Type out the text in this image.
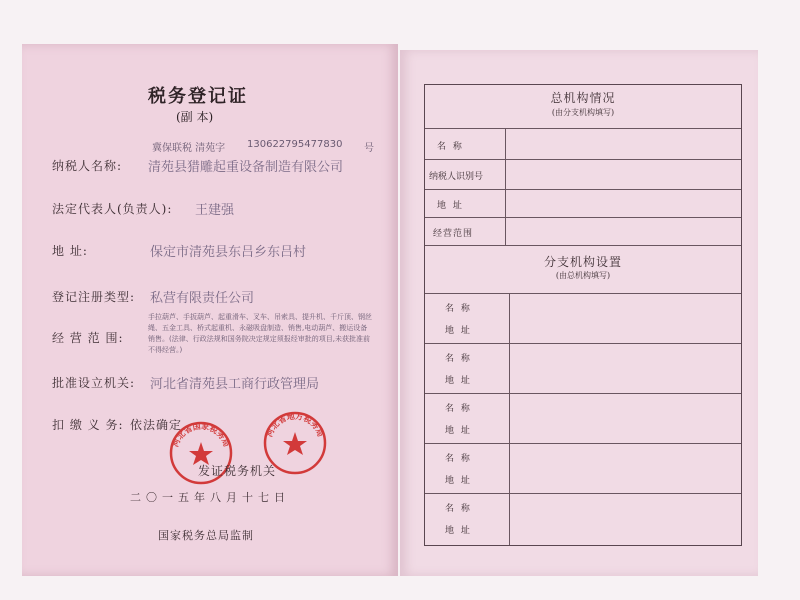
税务登记证
(副 本)
冀保联税 清苑字 130622795477830 号
纳税人名称: 清苑县猎雕起重设备制造有限公司
法定代表人(负责人): 王建强
地 址:	保定市清苑县东吕乡东吕村
登记注册类型: 私营有限责任公司
经 营 范 围:
手拉葫芦、手扳葫芦、起重滑车、叉车、吊索具、提升机、千斤顶、钢丝绳、五金工具、桥式起重机、永磁吸盘制造、销售,电动葫芦、搬运设备销售。(法律、行政法规和国务院决定规定须报经审批的项目,未获批准前不得经营。)
批准设立机关: 河北省清苑县工商行政管理局
扣 缴 义 务: 依法确定
河北省国家税务局
河北省地方税务局
发证税务机关
二〇一五年八月十七日
国家税务总局监制
总机构情况
(由分支机构填写)
名 称
纳税人识别号
地 址
经营范围
分支机构设置
(由总机构填写)
名 称
地 址
名 称
地 址
名 称
地 址
名 称
地 址
名 称
地 址
